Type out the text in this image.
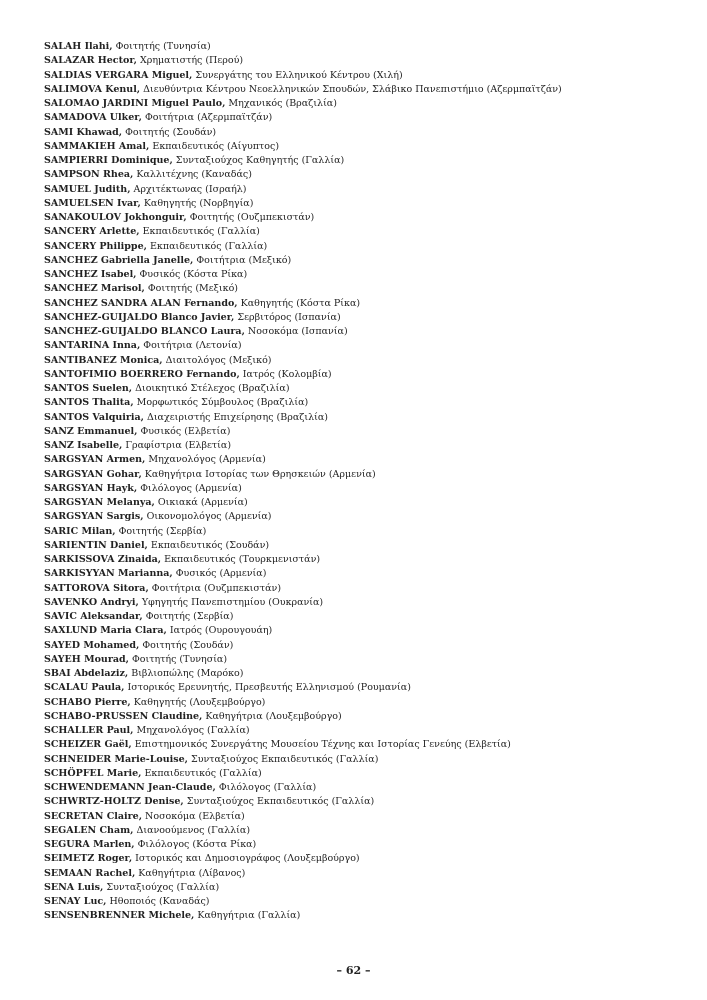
SALAH Ilahi, Φοιτητής (Τυνησία)
SALAZAR Hector, Χρηματιστής (Περού)
SALDIAS VERGARA Miguel, Συνεργάτης του Ελληνικού Κέντρου (Χιλή)
SALIMOVA Kenul, Διευθύντρια Κέντρου Νεοελληνικών Σπουδών, Σλάβικο Πανεπιστήμιο (Αζερμπαϊτζάν)
SALOMAO JARDINI Miguel Paulo, Μηχανικός (Βραζιλία)
SAMADOVA Ulker, Φοιτήτρια (Αζερμπαϊτζάν)
SAMI Khawad, Φοιτητής (Σουδάν)
SAMMAKIEH Amal, Εκπαιδευτικός (Αίγυπτος)
SAMPIERRI Dominique, Συνταξιούχος Καθηγητής (Γαλλία)
SAMPSON Rhea, Καλλιτέχνης (Καναδάς)
SAMUEL Judith, Αρχιτέκτωνας (Ισραήλ)
SAMUELSEN Ivar, Καθηγητής (Νορβηγία)
SANAKOULOV Jokhonguir, Φοιτητής (Ουζμπεκιστάν)
SANCERY Arlette, Εκπαιδευτικός (Γαλλία)
SANCERY Philippe, Εκπαιδευτικός (Γαλλία)
SANCHEZ Gabriella Janelle, Φοιτήτρια (Μεξικό)
SANCHEZ Isabel, Φυσικός (Κόστα Ρίκα)
SANCHEZ Marisol, Φοιτητής (Μεξικό)
SANCHEZ SANDRA ALAN Fernando, Καθηγητής (Κόστα Ρίκα)
SANCHEZ-GUIJALDO Blanco Javier, Σερβιτόρος (Ισπανία)
SANCHEZ-GUIJALDO BLANCO Laura, Νοσοκόμα (Ισπανία)
SANTARINA Inna, Φοιτήτρια (Λετονία)
SANTIBANEZ Monica, Διαιτολόγος (Μεξικό)
SANTOFIMIO BOERRERO Fernando, Ιατρός (Κολομβία)
SANTOS Suelen, Διοικητικό Στέλεχος (Βραζιλία)
SANTOS Thalita, Μορφωτικός Σύμβουλος (Βραζιλία)
SANTOS Valquiria, Διαχειριστής Επιχείρησης (Βραζιλία)
SANZ Emmanuel, Φυσικός (Ελβετία)
SANZ Isabelle, Γραφίστρια (Ελβετία)
SARGSYAN Armen, Μηχανολόγος (Αρμενία)
SARGSYAN Gohar, Καθηγήτρια Ιστορίας των Θρησκειών (Αρμενία)
SARGSYAN Hayk, Φιλόλογος (Αρμενία)
SARGSYAN Melanya, Οικιακά (Αρμενία)
SARGSYAN Sargis, Οικονομολόγος (Αρμενία)
SARIC Milan, Φοιτητής (Σερβία)
SARIENTIN Daniel, Εκπαιδευτικός (Σουδάν)
SARKISSOVA Zinaida, Εκπαιδευτικός (Τουρκμενιστάν)
SARKISYYAN Marianna, Φυσικός (Αρμενία)
SATTOROVA Sitora, Φοιτήτρια (Ουζμπεκιστάν)
SAVENKO Andryi, Υφηγητής Πανεπιστημίου (Ουκρανία)
SAVIC Aleksandar, Φοιτητής (Σερβία)
SAXLUND Maria Clara, Ιατρός (Ουρουγουάη)
SAYED Mohamed, Φοιτητής (Σουδάν)
SAYEH Mourad, Φοιτητής (Τυνησία)
SBAI Abdelaziz, Βιβλιοπώλης (Μαρόκο)
SCALAU Paula, Ιστορικός Ερευνητής, Πρεσβευτής Ελληνισμού (Ρουμανία)
SCHABO Pierre, Καθηγητής (Λουξεμβούργο)
SCHABO-PRUSSEN Claudine, Καθηγήτρια (Λουξεμβούργο)
SCHALLER Paul, Μηχανολόγος (Γαλλία)
SCHEIZER Gaël, Επιστημονικός Συνεργάτης Μουσείου Τέχνης και Ιστορίας Γενεύης (Ελβετία)
SCHNEIDER Marie-Louise, Συνταξιούχος Εκπαιδευτικός (Γαλλία)
SCHÖPFEL Marie, Εκπαιδευτικός (Γαλλία)
SCHWENDEMANN Jean-Claude, Φιλόλογος (Γαλλία)
SCHWRTZ-HOLTZ Denise, Συνταξιούχος Εκπαιδευτικός (Γαλλία)
SECRETAN Claire, Νοσοκόμα (Ελβετία)
SEGALEN Cham, Διανοούμενος (Γαλλία)
SEGURA Marlen, Φιλόλογος (Κόστα Ρίκα)
SEIMETZ Roger, Ιστορικός και Δημοσιογράφος (Λουξεμβούργο)
SEMAAN Rachel, Καθηγήτρια (Λίβανος)
SENA Luis, Συνταξιούχος (Γαλλία)
SENAY Luc, Ηθοποιός (Καναδάς)
SENSENBRENNER Michele, Καθηγήτρια (Γαλλία)
– 62 –
